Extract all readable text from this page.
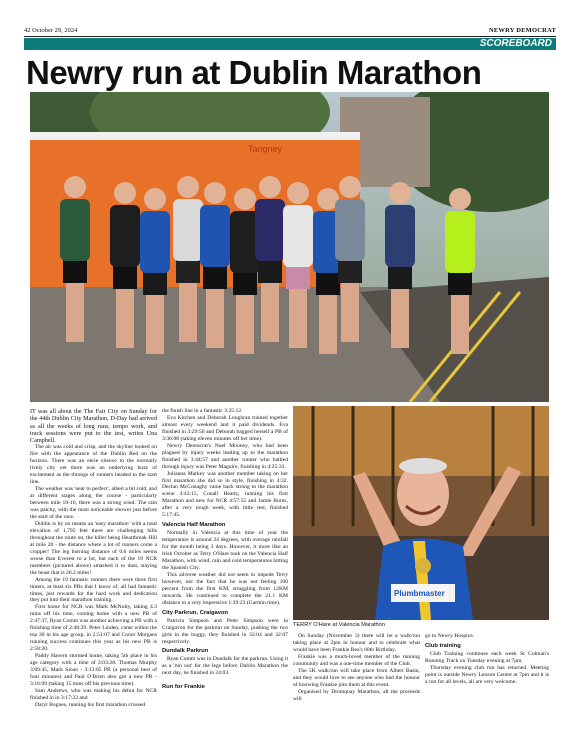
42 October 29, 2024	NEWRY DEMOCRAT
SCOREBOARD
Newry run at Dublin Marathon
Tangney
Plumbmaster
TERRY O'Hare at Valencia Marathon

IT was all about the The Fair City on Sunday for the 44th Dublin City Marathon, D-Day had arrived as all the weeks of long runs, tempo work, and track sessions were put to the test, writes Una Campbell.

The air was cold and crisp, and the skyline looked on fire with the appearance of the Dublin Red on the horizon. There was an eerie silence to the normally lively city yet there was an underlying buzz of excitement as the throngs of runners headed to the start line.

The weather was 'near to perfect', albeit a bit cold, and at different stages along the course - particularly between mile 10-16, there was a strong wind. The rain was patchy, with the most noticeable shower just before the start of the race.

Dublin is by no means an 'easy marathon' with a total elevation of 1,795 feet there are challenging hills throughout the route on, the killer being Heartbreak Hill at mile 20 - the distance where a lot of runners come a cropper! The leg burning distance of 0.6 miles seems worse than Everest to a lot, but each of the 19 NCR members (pictured above) smashed it to dust, staying the beast that is 26.2 miles!

Among the 19 fantastic runners there were three first timers, at least six PBs that I know of, all had fantastic times, just rewards for the hard work and dedication they put into their marathon training.

First home for NCR was Mark McNulty, taking 4.3 mins off his time, coming home with a new PB of 2:47:37, Ryan Comm was another achieving a PB with a finishing time of 2:48:29. Peter Linden, came within the top 30 in his age group, in 2:51:07 and Conor Morgans running success continues this year as his new PB is 2:58:20.

Paddy Havern stormed home, taking 5th place in his age category with a time of 3:03:28. Thomas Murphy 3:09:45, Mark Sloan - 3:13:05 PB (a personal best of four minutes) and Paul O'Brien also got a new PB - 3:16:09 (taking 15 mins off his previous time).

Sam Andrews, who was making his debut for NCR finished in in 3:17:22 and

Daryl Bogues, running his first marathon crossed

the finish line in a fantastic 3:25:12.

Eva Kitchen and Deborah Loughran trained together almost every weekend and it paid dividends. Eva finished in 3:29:50 and Deborah bagged herself a PB of 3:36:08 (taking eleven minutes off her time).

Newry Democrat's Noel Mooney, who had been plagued by injury weeks leading up to the marathon finished in 3:44:57 and another runner who battled through injury was Peter Maguire, finishing in 4:25:33.

Julianna Markey was another member taking on her first marathon she did so in style, finishing in 4:32. Declan McConaghy came back strong to the marathon scene 4:43:15, Conall Hearty, running his first Marathon and new for NCR 4:57:55 and Jamie Burns, after a very tough week, with little rest, finished 5:17:45.

Valencia Half Marathon

Normally in Valencia at this time of year the temperature is around 24 degrees, with average rainfall for the month being 3 days. However, it more like an Irish October as Terry O'Hare took on the Valencia Half Marathon, with wind, rain and cold temperatures hitting the Spanish City.

This adverse weather did not seem to impede Terry however, nor the fact that he was not feeling 100 percent from the first KM, struggling from 12KM onwards. He continued to complete the 21.1 KM distance in a very impressive 1:39:23 (Garmin time).

City Parkrun, Craigavon

Patricia Simpson and Peter Simpson were in Craigavon for the parkrun on Sunday, pushing the two girls in the buggy, they finished in 32:04 and 32:07 respectively.

Dundalk Parkrun

Ryan Comm was in Dundalk for the parkrun. Using it as a 'run out' for the legs before Dublin Marathon the next day, he finished in 24:03.

Run for Frankie

On Sunday (November 3) there will be a walk/run taking place at 2pm in honour and to celebrate what would have been Frankie Rea's 60th Birthday.

Frankie was a much-loved member of the running community and was a one-time member of the Club.

The 5K walk/run will take place from Albert Basin, and they would love to see anyone who had the honour of knowing Frankie join them at this event.

Organised by Dromquay Marathon, all the proceeds will

go to Newry Hospice.

Club training

Club Training continues each week St Colman's Running Track on Tuesday evening at 7pm.

Thursday evening club run has returned. Meeting point is outside Newry Leisure Centre at 7pm and it is a run for all levels, all are very welcome.
